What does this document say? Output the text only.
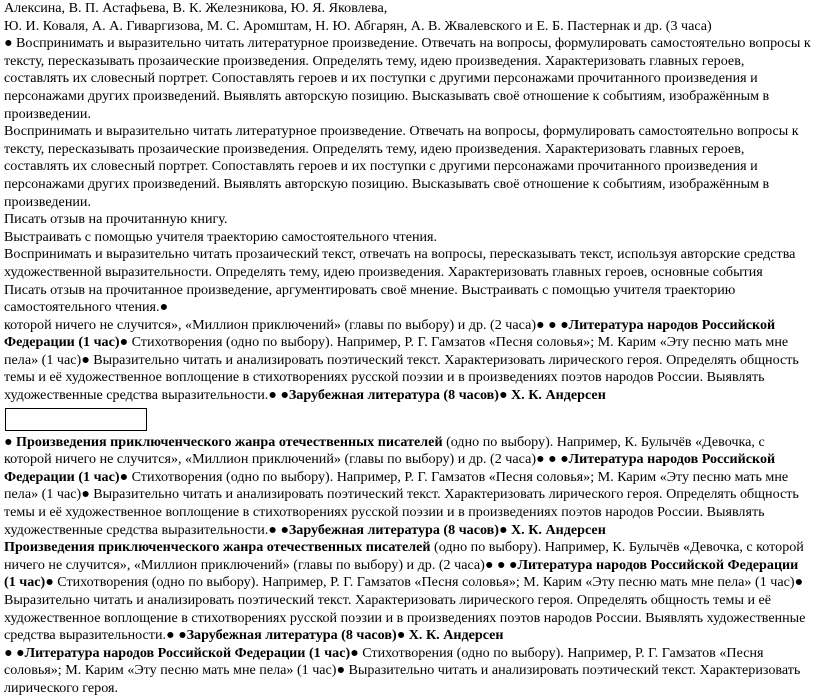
Алексина, В. П. Астафьева, В. К. Железникова, Ю. Я. Яковлева,
Ю. И. Коваля, А. А. Гиваргизова, М. С. Аромштам, Н. Ю. Абгарян, А. В. Жвалевского и Е. Б. Пастернак и др. (3 часа)
● Воспринимать и выразительно читать литературное произведение. Отвечать на вопросы, формулировать самостоятельно вопросы к тексту, пересказывать прозаические произведения. Определять тему, идею произведения. Характеризовать главных героев, составлять их словесный портрет. Сопоставлять героев и их поступки с другими персонажами прочитанного произведения и персонажами других произведений. Выявлять авторскую позицию. Высказывать своё отношение к событиям, изображённым в произведении.
Воспринимать и выразительно читать литературное произведение. Отвечать на вопросы, формулировать самостоятельно вопросы к тексту, пересказывать прозаические произведения. Определять тему, идею произведения. Характеризовать главных героев, составлять их словесный портрет. Сопоставлять героев и их поступки с другими персонажами прочитанного произведения и персонажами других произведений. Выявлять авторскую позицию. Высказывать своё отношение к событиям, изображённым в произведении.
Писать отзыв на прочитанную книгу.
Выстраивать с помощью учителя траекторию самостоятельного чтения.
Воспринимать и выразительно читать прозаический текст, отвечать на вопросы, пересказывать текст, используя авторские средства художественной выразительности. Определять тему, идею произведения. Характеризовать главных героев, основные события
Писать отзыв на прочитанное произведение, аргументировать своё мнение. Выстраивать с помощью учителя траекторию самостоятельного чтения.●
которой ничего не случится», «Миллион приключений» (главы по выбору) и др. (2 часа)● ● ●Литература народов Российской Федерации (1 час)● Стихотворения (одно по выбору). Например, Р. Г. Гамзатов «Песня соловья»; М. Карим «Эту песню мать мне пела» (1 час)● Выразительно читать и анализировать поэтический текст. Характеризовать лирического героя. Определять общность темы и её художественное воплощение в стихотворениях русской поэзии и в произведениях поэтов народов России. Выявлять художественные средства выразительности.● ●Зарубежная литература (8 часов)● Х. К. Андерсен
● Произведения приключенческого жанра отечественных писателей (одно по выбору). Например, К. Булычёв «Девочка, с которой ничего не случится», «Миллион приключений» (главы по выбору) и др. (2 часа)● ● ●Литература народов Российской Федерации (1 час)● Стихотворения (одно по выбору). Например, Р. Г. Гамзатов «Песня соловья»; М. Карим «Эту песню мать мне пела» (1 час)● Выразительно читать и анализировать поэтический текст. Характеризовать лирического героя. Определять общность темы и её художественное воплощение в стихотворениях русской поэзии и в произведениях поэтов народов России. Выявлять художественные средства выразительности.● ●Зарубежная литература (8 часов)● Х. К. Андерсен
Произведения приключенческого жанра отечественных писателей (одно по выбору). Например, К. Булычёв «Девочка, с которой ничего не случится», «Миллион приключений» (главы по выбору) и др. (2 часа)● ● ●Литература народов Российской Федерации (1 час)● Стихотворения (одно по выбору). Например, Р. Г. Гамзатов «Песня соловья»; М. Карим «Эту песню мать мне пела» (1 час)● Выразительно читать и анализировать поэтический текст. Характеризовать лирического героя. Определять общность темы и её художественное воплощение в стихотворениях русской поэзии и в произведениях поэтов народов России. Выявлять художественные средства выразительности.● ●Зарубежная литература (8 часов)● Х. К. Андерсен
● ●Литература народов Российской Федерации (1 час)● Стихотворения (одно по выбору). Например, Р. Г. Гамзатов «Песня соловья»; М. Карим «Эту песню мать мне пела» (1 час)● Выразительно читать и анализировать поэтический текст. Характеризовать лирического героя.
